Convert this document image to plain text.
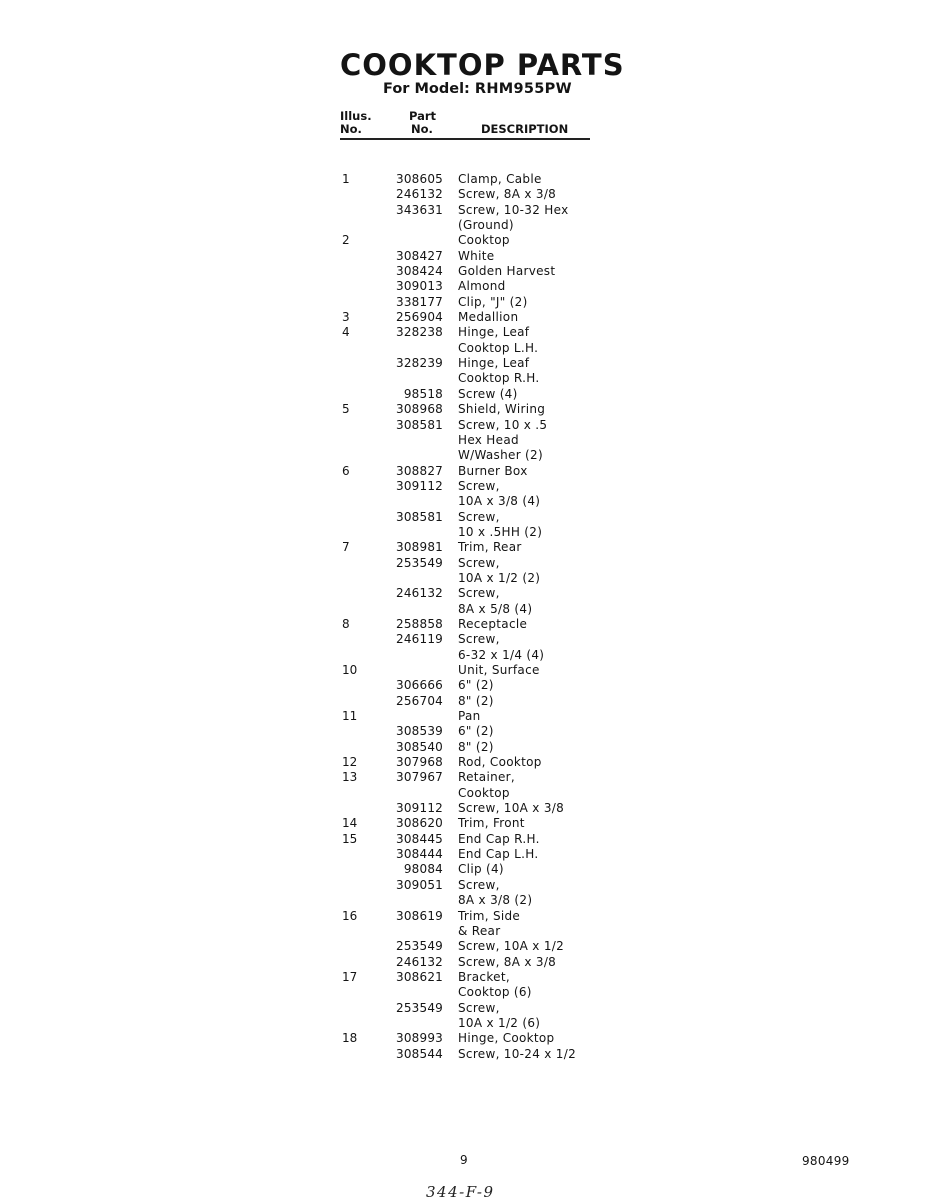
COOKTOP PARTS
For Model: RHM955PW
Illus.
No.
Part
No.	DESCRIPTION
1	308605 Clamp, Cable
246132 Screw, 8A x 3/8
343631 Screw, 10-32 Hex
(Ground)
2	Cooktop
308427 White
308424 Golden Harvest
309013 Almond
338177 Clip, "J" (2)
3	256904 Medallion
4	328238 Hinge, Leaf
Cooktop L.H.
328239 Hinge, Leaf
Cooktop R.H.
98518 Screw (4)
5	308968 Shield, Wiring
308581 Screw, 10 x .5
Hex Head
W/Washer (2)
6	308827 Burner Box
309112 Screw,
10A x 3/8 (4)
308581 Screw,
10 x .5HH (2)
7	308981 Trim, Rear
253549 Screw,
10A x 1/2 (2)
246132 Screw,
8A x 5/8 (4)
8	258858 Receptacle
246119 Screw,
6-32 x 1/4 (4)
10	Unit, Surface
306666 6" (2)
256704 8" (2)
11	Pan
308539 6" (2)
308540 8" (2)
12	307968 Rod, Cooktop
13	307967 Retainer,
Cooktop
309112 Screw, 10A x 3/8
14	308620 Trim, Front
15	308445 End Cap R.H.
308444 End Cap L.H.
98084 Clip (4)
309051 Screw,
8A x 3/8 (2)
16	308619 Trim, Side
& Rear
253549 Screw, 10A x 1/2
246132 Screw, 8A x 3/8
17	308621 Bracket,
Cooktop (6)
253549 Screw,
10A x 1/2 (6)
18	308993 Hinge, Cooktop
308544 Screw, 10-24 x 1/2
9	980499
344-F-9
